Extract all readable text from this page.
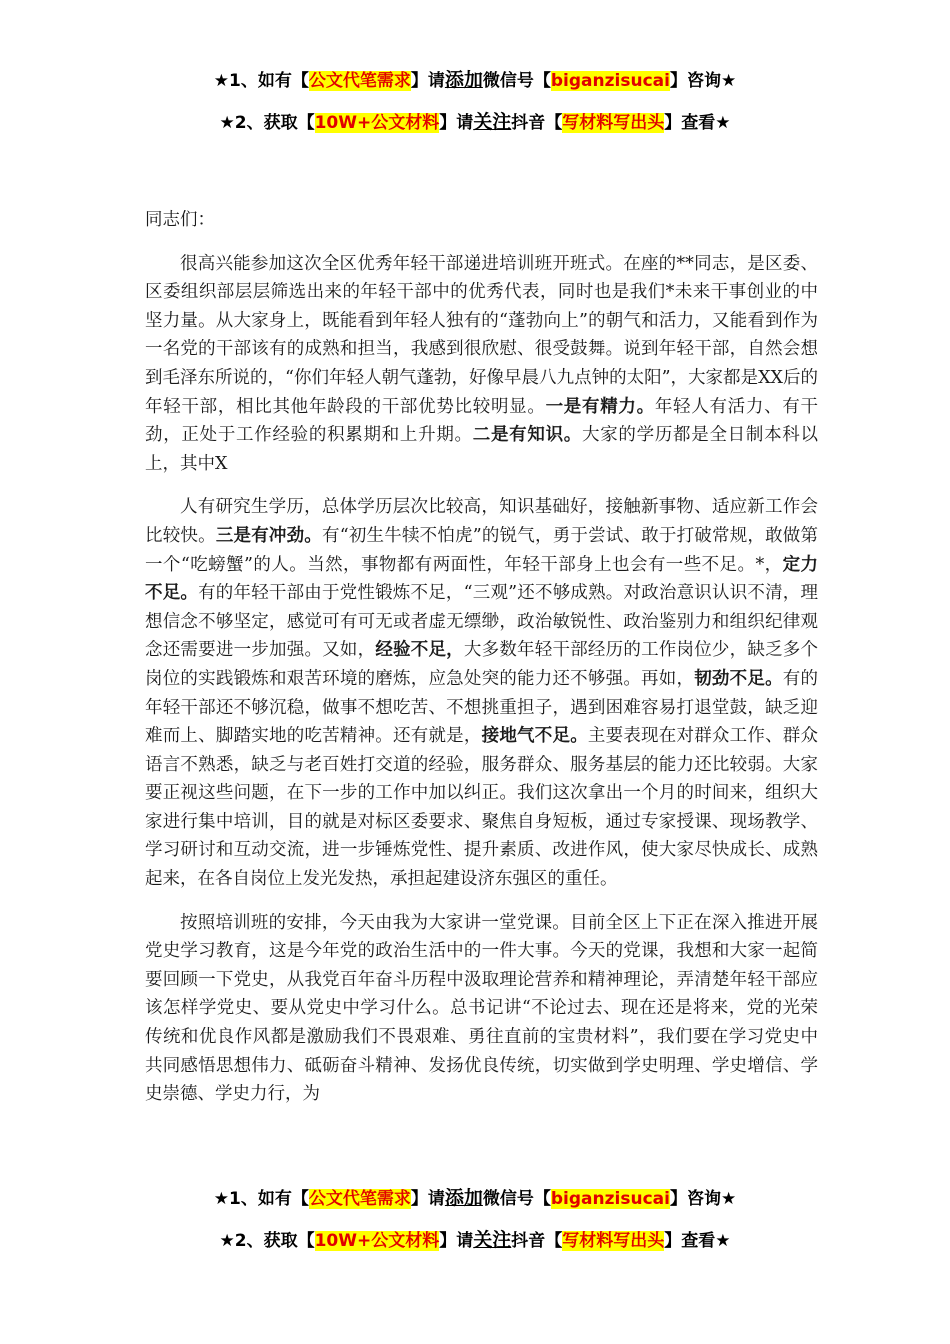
★1、如有【公文代笔需求】请添加微信号【biganzisucai】咨询★
★2、获取【10W+公文材料】请关注抖音【写材料写出头】查看★

同志们：

很高兴能参加这次全区优秀年轻干部递进培训班开班式。在座的**同志，是区委、区委组织部层层筛选出来的年轻干部中的优秀代表，同时也是我们*未来干事创业的中坚力量。从大家身上，既能看到年轻人独有的“蓬勃向上”的朝气和活力，又能看到作为一名党的干部该有的成熟和担当，我感到很欣慰、很受鼓舞。说到年轻干部，自然会想到毛泽东所说的，“你们年轻人朝气蓬勃，好像早晨八九点钟的太阳”，大家都是XX后的年轻干部，相比其他年龄段的干部优势比较明显。一是有精力。年轻人有活力、有干劲，正处于工作经验的积累期和上升期。二是有知识。大家的学历都是全日制本科以上，其中X

人有研究生学历，总体学历层次比较高，知识基础好，接触新事物、适应新工作会比较快。三是有冲劲。有“初生牛犊不怕虎”的锐气，勇于尝试、敢于打破常规，敢做第一个“吃螃蟹”的人。当然，事物都有两面性，年轻干部身上也会有一些不足。*，定力不足。有的年轻干部由于党性锻炼不足，“三观”还不够成熟。对政治意识认识不清，理想信念不够坚定，感觉可有可无或者虚无缥缈，政治敏锐性、政治鉴别力和组织纪律观念还需要进一步加强。又如，经验不足，大多数年轻干部经历的工作岗位少，缺乏多个岗位的实践锻炼和艰苦环境的磨炼，应急处突的能力还不够强。再如，韧劲不足。有的年轻干部还不够沉稳，做事不想吃苦、不想挑重担子，遇到困难容易打退堂鼓，缺乏迎难而上、脚踏实地的吃苦精神。还有就是，接地气不足。主要表现在对群众工作、群众语言不熟悉，缺乏与老百姓打交道的经验，服务群众、服务基层的能力还比较弱。大家要正视这些问题，在下一步的工作中加以纠正。我们这次拿出一个月的时间来，组织大家进行集中培训，目的就是对标区委要求、聚焦自身短板，通过专家授课、现场教学、学习研讨和互动交流，进一步锤炼党性、提升素质、改进作风，使大家尽快成长、成熟起来，在各自岗位上发光发热，承担起建设济东强区的重任。

按照培训班的安排，今天由我为大家讲一堂党课。目前全区上下正在深入推进开展党史学习教育，这是今年党的政治生活中的一件大事。今天的党课，我想和大家一起简要回顾一下党史，从我党百年奋斗历程中汲取理论营养和精神理论，弄清楚年轻干部应该怎样学党史、要从党史中学习什么。总书记讲“不论过去、现在还是将来，党的光荣传统和优良作风都是激励我们不畏艰难、勇往直前的宝贵材料”，我们要在学习党史中共同感悟思想伟力、砥砺奋斗精神、发扬优良传统，切实做到学史明理、学史增信、学史崇德、学史力行，为

★1、如有【公文代笔需求】请添加微信号【biganzisucai】咨询★
★2、获取【10W+公文材料】请关注抖音【写材料写出头】查看★
